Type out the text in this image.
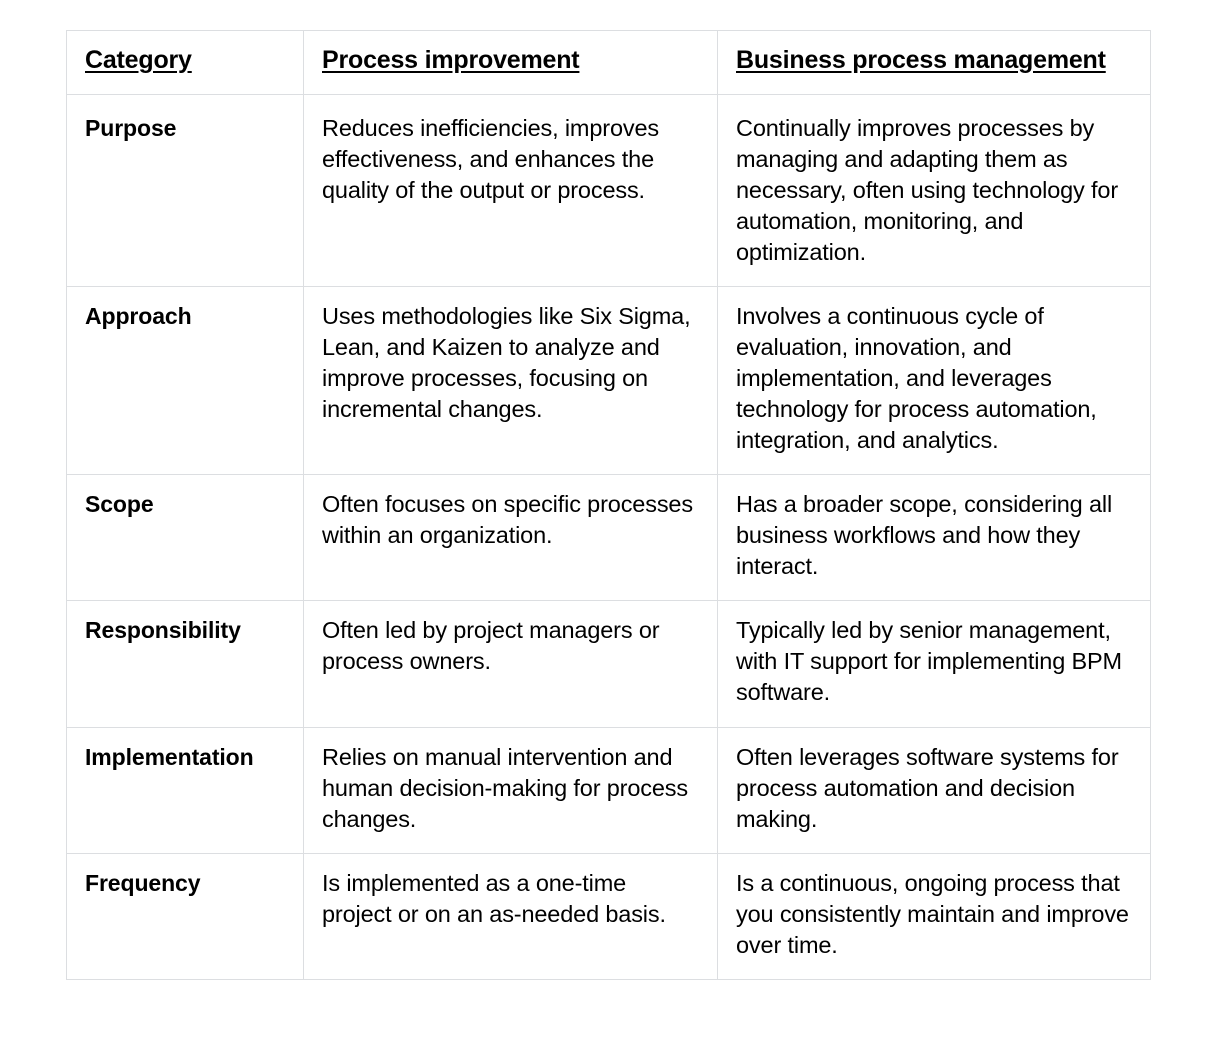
Category	Process improvement	Business process management
Purpose	Reduces inefficiencies, improves effectiveness, and enhances the quality of the output or process.	Continually improves processes by managing and adapting them as necessary, often using technology for automation, monitoring, and optimization.
Approach	Uses methodologies like Six Sigma, Lean, and Kaizen to analyze and improve processes, focusing on incremental changes.	Involves a continuous cycle of evaluation, innovation, and implementation, and leverages technology for process automation, integration, and analytics.
Scope	Often focuses on specific processes within an organization.	Has a broader scope, considering all business workflows and how they interact.
Responsibility	Often led by project managers or process owners.	Typically led by senior management, with IT support for implementing BPM software.
Implementation	Relies on manual intervention and human decision-making for process changes.	Often leverages software systems for process automation and decision making.
Frequency	Is implemented as a one-time project or on an as-needed basis.	Is a continuous, ongoing process that you consistently maintain and improve over time.
